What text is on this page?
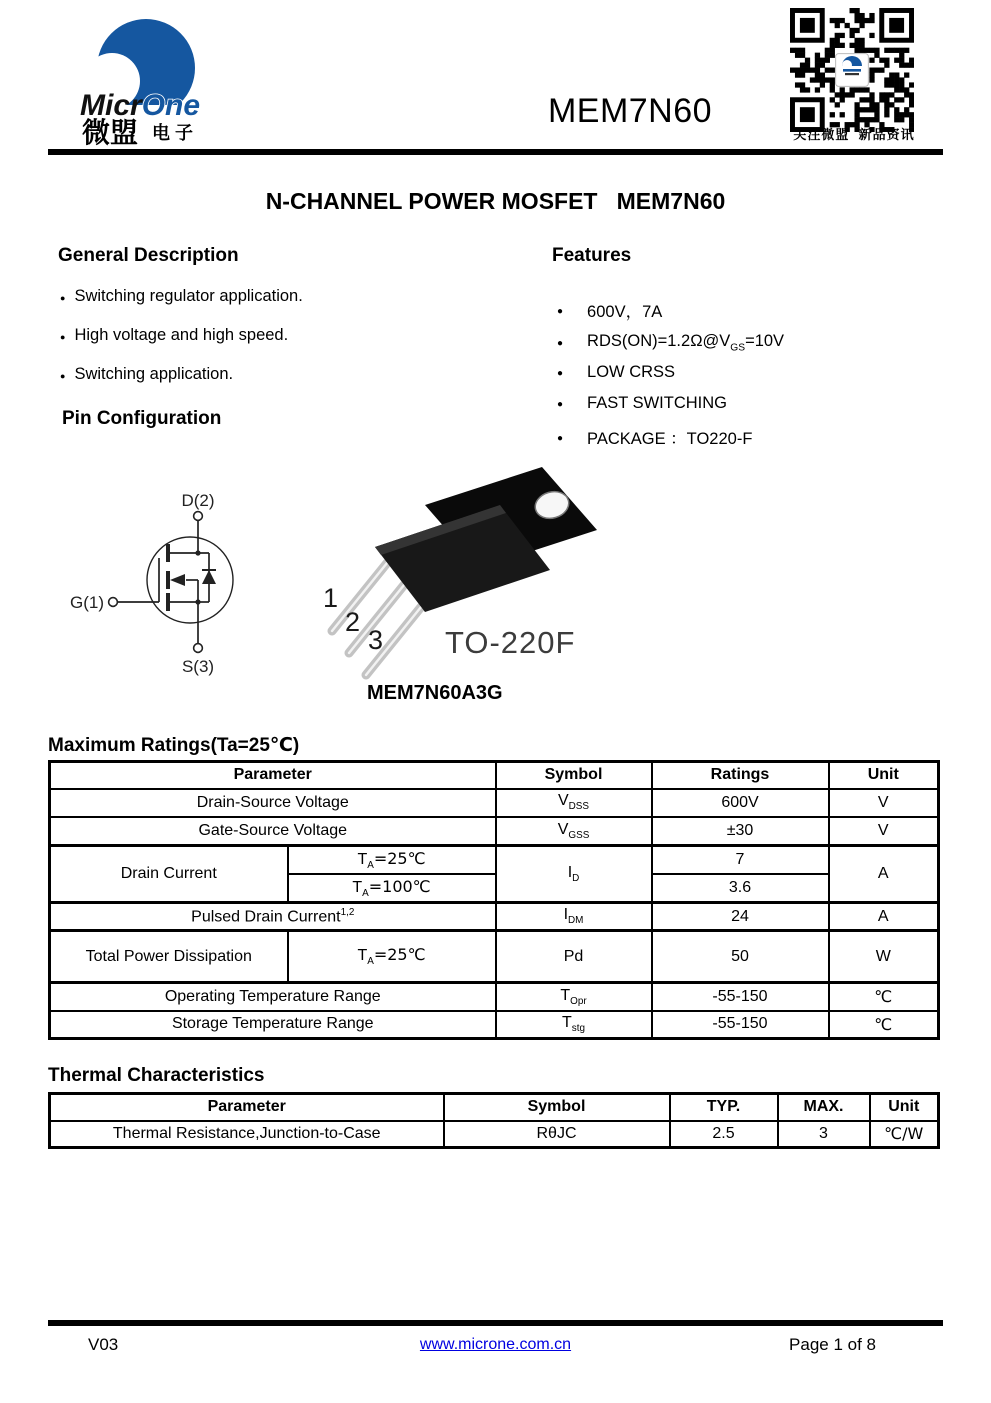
MicrOne
微盟 电子
MEM7N60
关注微盟  新品资讯
N-CHANNEL POWER MOSFET   MEM7N60
General Description
● Switching regulator application.
● High voltage and high speed.
● Switching application.
Features
● 600V，7A
● $RDS(ON)=1.2\Omega@V_{GS}=10V$
● LOW CRSS
● FAST SWITCHING
● PACKAGE ：TO220-F
Pin Configuration
D(2)
G(1)
S(3)
1
2
3 TO-220F
MEM7N60A3G
Maximum Ratings(Ta=25℃)
Parameter		Symbol	Ratings	Unit
Drain-Source Voltage		$V_{DSS}$	600V	V
Gate-Source Voltage		$V_{GSS}$	±30	V
Drain Current	$T_A=25℃$	$I_D$	7	A
	$T_A=100℃$		3.6	
Pulsed Drain Current$^{1,2}$		$I_{DM}$	24	A
Total Power Dissipation	$T_A=25℃$	Pd	50	W
Operating Temperature Range		$T_{Opr}$	-55-150	℃
Storage Temperature Range		$T_{stg}$	-55-150	℃
Thermal Characteristics
Parameter	Symbol	TYP.	MAX.	Unit
Thermal Resistance,Junction-to-Case	RθJC	2.5	3	℃/W
V03	www.microne.com.cn	Page 1 of 8
